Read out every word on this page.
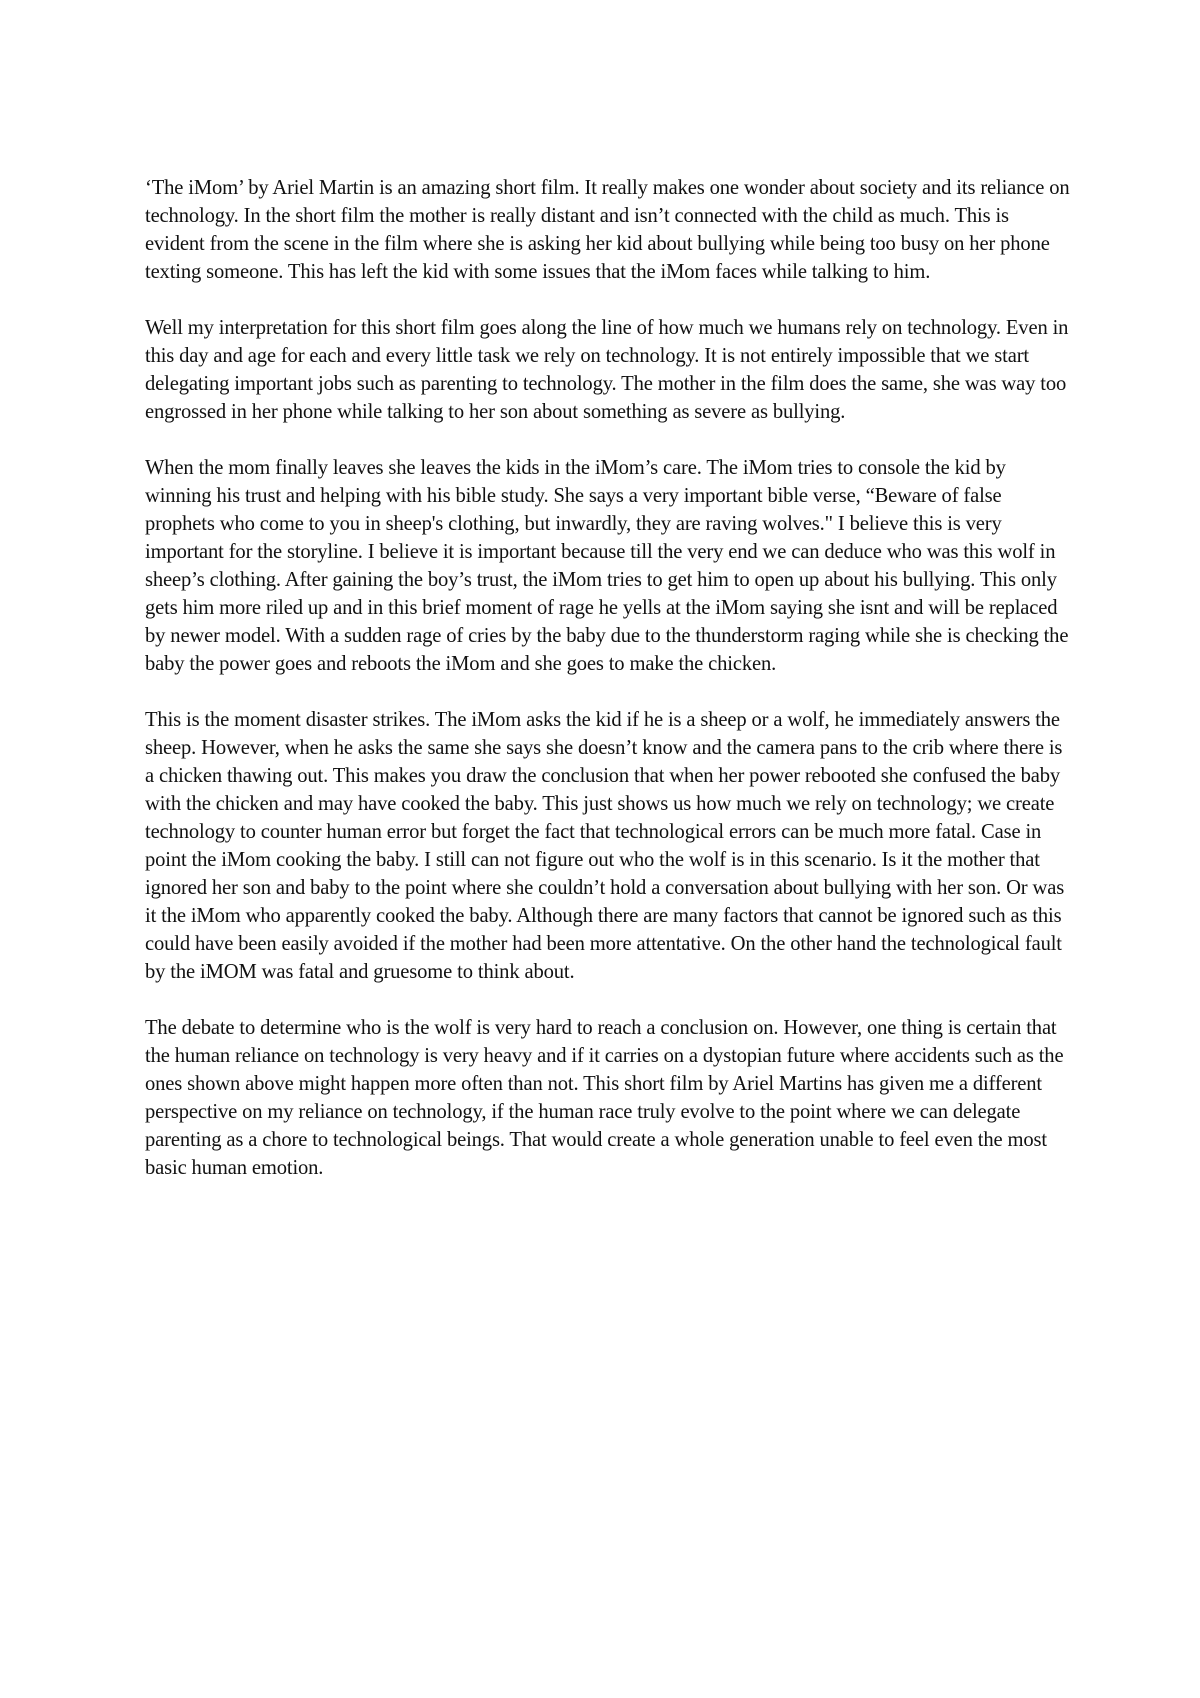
‘The iMom’ by Ariel Martin is an amazing short film. It really makes one wonder about society and its reliance on technology. In the short film the mother is really distant and isn’t connected with the child as much. This is evident from the scene in the film where she is asking her kid about bullying while being too busy on her phone texting someone. This has left the kid with some issues that the iMom faces while talking to him.

Well my interpretation for this short film goes along the line of how much we humans rely on technology. Even in this day and age for each and every little task we rely on technology. It is not entirely impossible that we start delegating important jobs such as parenting to technology. The mother in the film does the same, she was way too engrossed in her phone while talking to her son about something as severe as bullying.

When the mom finally leaves she leaves the kids in the iMom’s care. The iMom tries to console the kid by winning his trust and helping with his bible study. She says a very important bible verse, “Beware of false prophets who come to you in sheep's clothing, but inwardly, they are raving wolves." I believe this is very important for the storyline. I believe it is important because till the very end we can deduce who was this wolf in sheep’s clothing. After gaining the boy’s trust, the iMom tries to get him to open up about his bullying. This only gets him more riled up and in this brief moment of rage he yells at the iMom saying she isnt and will be replaced by newer model. With a sudden rage of cries by the baby due to the thunderstorm raging while she is checking the baby the power goes and reboots the iMom and she goes to make the chicken.

This is the moment disaster strikes. The iMom asks the kid if he is a sheep or a wolf, he immediately answers the sheep. However, when he asks the same she says she doesn’t know and the camera pans to the crib where there is a chicken thawing out. This makes you draw the conclusion that when her power rebooted she confused the baby with the chicken and may have cooked the baby. This just shows us how much we rely on technology; we create technology to counter human error but forget the fact that technological errors can be much more fatal. Case in point the iMom cooking the baby. I still can not figure out who the wolf is in this scenario. Is it the mother that ignored her son and baby to the point where she couldn’t hold a conversation about bullying with her son. Or was it the iMom who apparently cooked the baby. Although there are many factors that cannot be ignored such as this could have been easily avoided if the mother had been more attentative. On the other hand the technological fault by the iMOM was fatal and gruesome to think about.

The debate to determine who is the wolf is very hard to reach a conclusion on. However, one thing is certain that the human reliance on technology is very heavy and if it carries on a dystopian future where accidents such as the ones shown above might happen more often than not. This short film by Ariel Martins has given me a different perspective on my reliance on technology, if the human race truly evolve to the point where we can delegate parenting as a chore to technological beings. That would create a whole generation unable to feel even the most basic human emotion.
